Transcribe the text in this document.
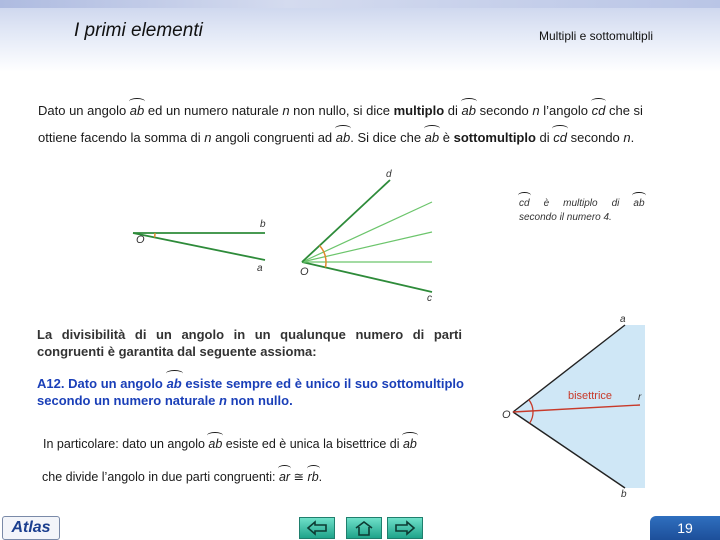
I primi elementi	Multipli e sottomultipli
Dato un angolo ab ed un numero naturale n non nullo, si dice multiplo di ab secondo n l’angolo cd che si
ottiene facendo la somma di n angoli congruenti ad ab. Si dice che ab è sottomultiplo di cd secondo n.
O
b
a	O
d
c
a
O
r
b
bisettrice
cd è multiplo di ab
secondo il numero 4.
La divisibilità di un angolo in un qualunque numero di parti congruenti è garantita dal seguente assioma:
A12. Dato un angolo ab esiste sempre ed è unico il suo sottomultiplo secondo un numero naturale n non nullo.
In particolare: dato un angolo ab esiste ed è unica la bisettrice di ab
che divide l’angolo in due parti congruenti: ar ≅ rb.
Atlas	19
